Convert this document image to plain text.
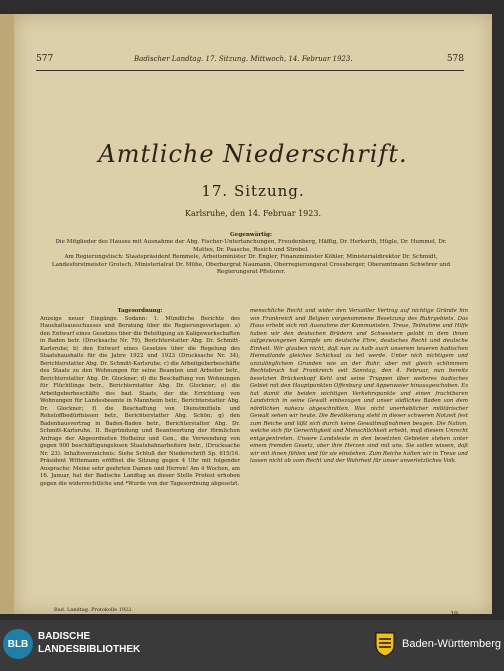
577	Badischer Landtag. 17. Sitzung. Mittwoch, 14. Februar 1923.	578
Amtliche Niederschrift.
17. Sitzung.
Karlsruhe, den 14. Februar 1923.
Gegenwärtig:
Die Mitglieder des Hauses mit Ausnahme der Abg. Fischer-Untertanchungen, Freudenberg, Häffig, Dr. Herkurth, Hügle, Dr. Hummel, Dr. Mattes, Dr. Paasche, Rosich und Strobel.
Am Regierungstisch: Staatspräsident Remmele, Arbeitsminister Dr. Engler, Finanzminister Köhler, Ministerialdirektor Dr. Schmidt, Landesforstmeister Grotsch, Ministerialrat Dr. Mühe, Oberbergrat Naumann, Oberregierungsrat Crossberger, Oberamtmann Schwörer und Regierungsrat Pfisterer.
Tagesordnung:
Anzeige neuer Eingänge. Sodann: 1. Mündliche Berichte des Haushaltsausschusses und Beratung über die Regierungsvorlagen: a) den Entwurf eines Gesetzes über die Beteiligung an Kaligewerkschaften in Baden betr. (Drucksache Nr. 79), Berichterstatter Abg. Dr. Schmitt-Karlsruhe; b) den Entwurf eines Gesetzes über die Regelung des Staatshaushalts für die Jahre 1922 und 1923 (Drucksache Nr. 34), Berichterstatter Abg. Dr. Schmitt-Karlsruhe; c) die Arbeitgeberbeschäfte des Staats zu den Wohnungen für seine Beamten und Arbeiter betr., Berichterstatter Abg. Dr. Glockner; d) die Beschaffung von Wohnungen für Flüchtlinge betr., Berichterstatter Abg. Dr. Glockner; e) die Arbeitgeberbeschäfte des bad. Staats, der die Errichtung von Wohnungen für Landesbeamte in Mannheim betr., Berichterstatter Abg. Dr. Glockner; f) die Beschaffung von Dienstmitteln und Rohstoffbedürfnissen betr., Berichterstatter Abg. Schön; g) den Badenhausvertrag in Baden-Baden betr., Berichterstatter Abg. Dr. Schmitt-Karlsruhe. II. Begründung und Beantwortung der förmlichen Anfrage der Abgeordneten Hofheinz und Gen., die Verwendung von gegen 900 beschäftigungslosen Staatsbahnarbeitern betr., (Drucksache Nr. 23). Inhaltsverzeichnis: Siehe Schluß der Niederschrift Sp. 615/16. Präsident Wittemann eröffnet die Sitzung gegen 4 Uhr mit folgender Ansprache: Meine sehr geehrten Damen und Herren! Am 4 Wochen, am 16. Januar, hat der Badische Landtag an dieser Stelle Protest erhoben gegen die widerrechtliche und *Wurde von der Tagesordnung abgesetzt.
menschliche Recht und wider den Versailler Vertrag auf nichtige Gründe hin von Frankreich und Belgien vorgenommene Besetzung des Ruhrgebiets. Das Haus erhebt sich mit Ausnahme der Kommunisten. Treue, Teilnahme und Hilfe haben wir den deutschen Brüdern und Schwestern gelobt in dem ihnen aufgezwungenen Kampfe um deutsche Ehre, deutsches Recht und deutsche Einheit. Wir glauben nicht, daß nun zu halb auch unserem teueren badischen Heimatlande gleiches Schicksal zu teil werde. Unter nich nichtigem und unzulänglichem Grunden wie an der Ruhr, aber mit gleich schlimmem Rechtsbruch hat Frankreich seit Sonntag, den 4. Februar, nun bereits besetzten Brückenkopf Kehl und seine Truppen über weiteres badisches Gebiet mit den Hauptpunkten Offenburg und Appenweier hinausgeschoben. Es hat damit die beiden wichtigen Verkehrspunkte und einen fruchtbaren Landstrich in seine Gewalt einbezogen und unser südliches Baden von dem nördlichen nahezu abgeschnitten. Was nicht unerheblicher militärischer Gewalt sehen wir heute. Die Bevölkerung steht in dieser schweren Notzeit fest zum Reiche und läßt sich durch keine Gewaltmaßnahmen beugen. Die Nation, welche sich für Gerechtigkeit und Menschlichkeit erhebt, muß diesem Unrecht entgegentreten. Unsere Landsleute in den besetzten Gebieten stehen unter einem fremden Gesetz, aber ihre Herzen sind mit uns. Sie sollen wissen, daß wir mit ihnen fühlen und für sie einstehen. Zum Reiche halten wir in Treue und lassen nicht ab vom Recht und der Wahrheit für unser unverletzliches Volk.
Bad. Landtag. Protokolle 1922.
19
BLB
BADISCHE
LANDESBIBLIOTHEK	Baden-Württemberg
